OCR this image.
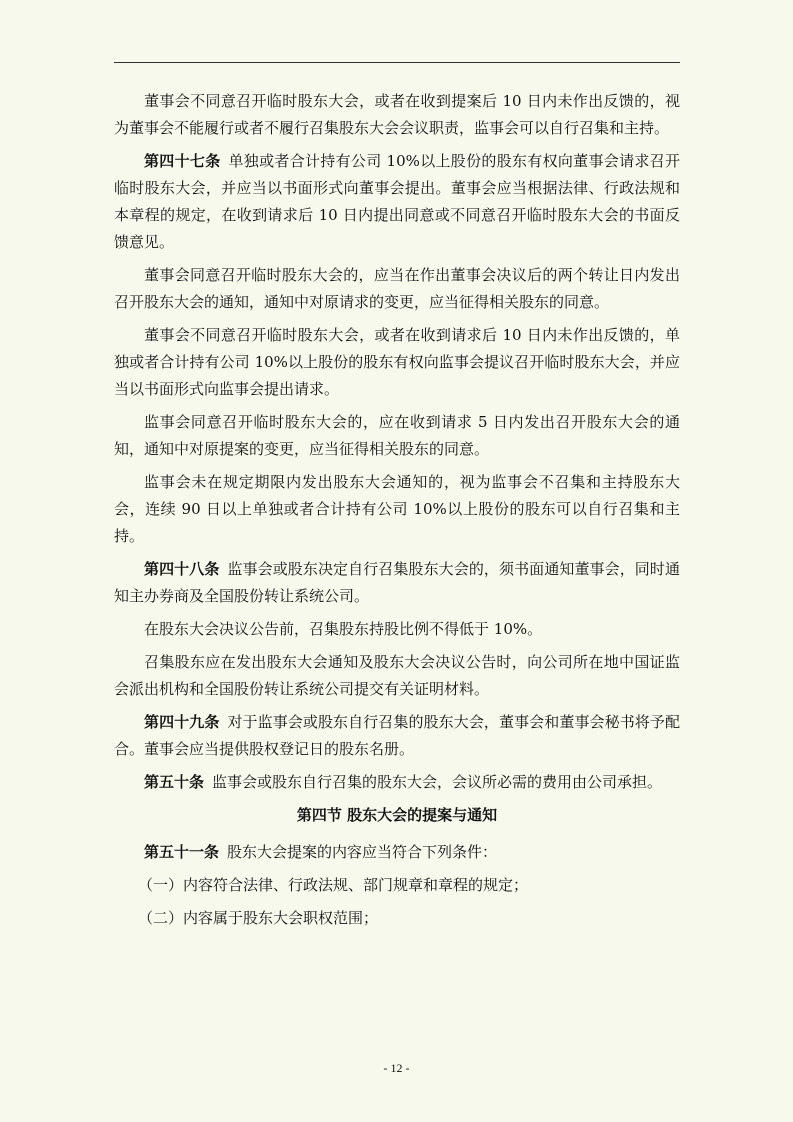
董事会不同意召开临时股东大会，或者在收到提案后 10 日内未作出反馈的，视为董事会不能履行或者不履行召集股东大会会议职责，监事会可以自行召集和主持。

第四十七条 单独或者合计持有公司 10%以上股份的股东有权向董事会请求召开临时股东大会，并应当以书面形式向董事会提出。董事会应当根据法律、行政法规和本章程的规定，在收到请求后 10 日内提出同意或不同意召开临时股东大会的书面反馈意见。

董事会同意召开临时股东大会的，应当在作出董事会决议后的两个转让日内发出召开股东大会的通知，通知中对原请求的变更，应当征得相关股东的同意。

董事会不同意召开临时股东大会，或者在收到请求后 10 日内未作出反馈的，单独或者合计持有公司 10%以上股份的股东有权向监事会提议召开临时股东大会，并应当以书面形式向监事会提出请求。

监事会同意召开临时股东大会的，应在收到请求 5 日内发出召开股东大会的通知，通知中对原提案的变更，应当征得相关股东的同意。

监事会未在规定期限内发出股东大会通知的，视为监事会不召集和主持股东大会，连续 90 日以上单独或者合计持有公司 10%以上股份的股东可以自行召集和主持。

第四十八条 监事会或股东决定自行召集股东大会的，须书面通知董事会，同时通知主办券商及全国股份转让系统公司。

在股东大会决议公告前，召集股东持股比例不得低于 10%。

召集股东应在发出股东大会通知及股东大会决议公告时，向公司所在地中国证监会派出机构和全国股份转让系统公司提交有关证明材料。

第四十九条 对于监事会或股东自行召集的股东大会，董事会和董事会秘书将予配合。董事会应当提供股权登记日的股东名册。

第五十条 监事会或股东自行召集的股东大会，会议所必需的费用由公司承担。

第四节 股东大会的提案与通知

第五十一条 股东大会提案的内容应当符合下列条件：

（一）内容符合法律、行政法规、部门规章和章程的规定；

（二）内容属于股东大会职权范围；

- 12 -
